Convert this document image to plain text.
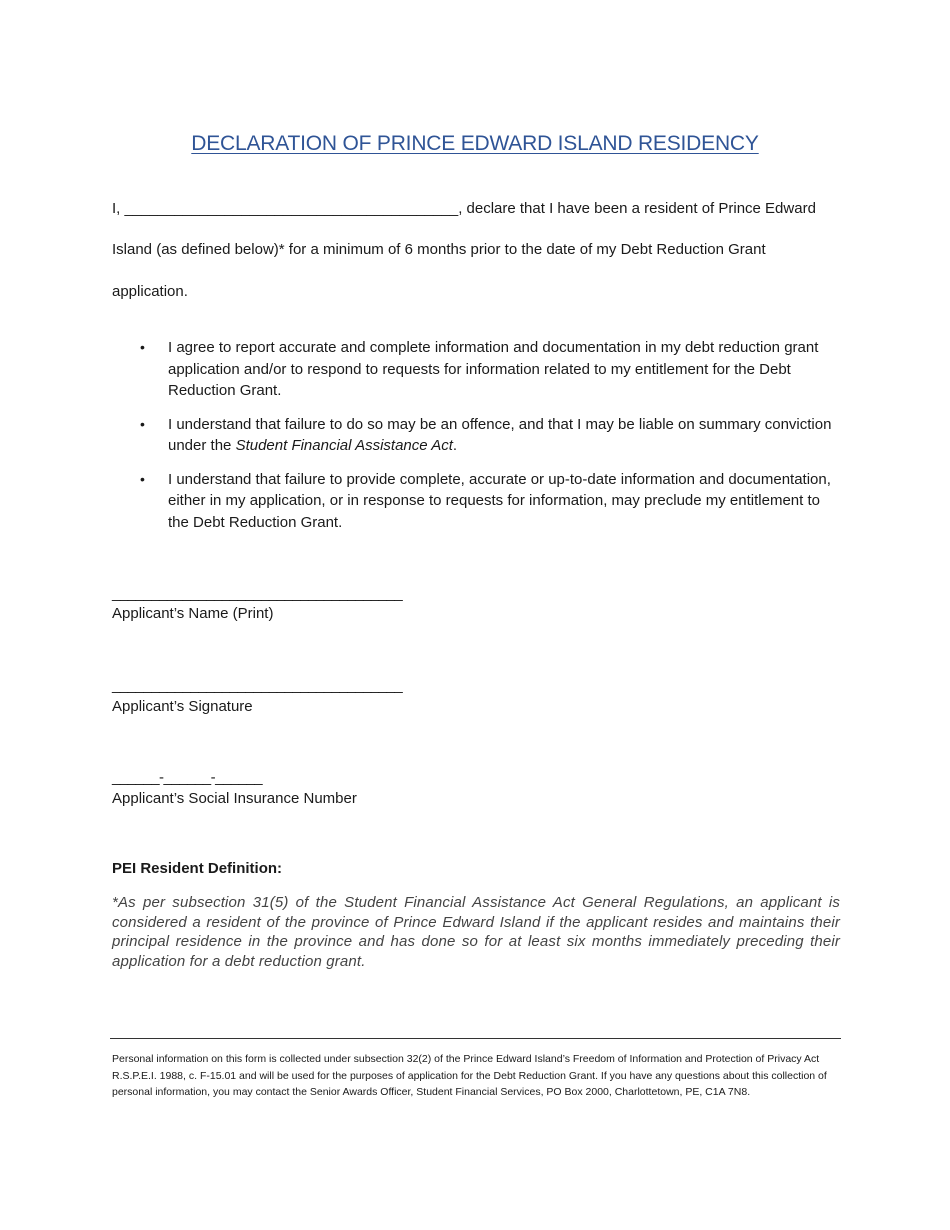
DECLARATION OF PRINCE EDWARD ISLAND RESIDENCY
I, ________________________________________, declare that I have been a resident of Prince Edward
Island (as defined below)* for a minimum of 6 months prior to the date of my Debt Reduction Grant
application.
• I agree to report accurate and complete information and documentation in my debt reduction grant application and/or to respond to requests for information related to my entitlement for the Debt Reduction Grant.
• I understand that failure to do so may be an offence, and that I may be liable on summary conviction under the Student Financial Assistance Act.
• I understand that failure to provide complete, accurate or up-to-date information and documentation, either in my application, or in response to requests for information, may preclude my entitlement to the Debt Reduction Grant.
_____________________________________
Applicant’s Name (Print)
_____________________________________
Applicant’s Signature
______-______-______
Applicant’s Social Insurance Number
PEI Resident Definition:
*As per subsection 31(5) of the Student Financial Assistance Act General Regulations, an applicant is considered a resident of the province of Prince Edward Island if the applicant resides and maintains their principal residence in the province and has done so for at least six months immediately preceding their application for a debt reduction grant.
Personal information on this form is collected under subsection 32(2) of the Prince Edward Island’s Freedom of Information and Protection of Privacy Act R.S.P.E.I. 1988, c. F-15.01 and will be used for the purposes of application for the Debt Reduction Grant. If you have any questions about this collection of personal information, you may contact the Senior Awards Officer, Student Financial Services, PO Box 2000, Charlottetown, PE, C1A 7N8.
